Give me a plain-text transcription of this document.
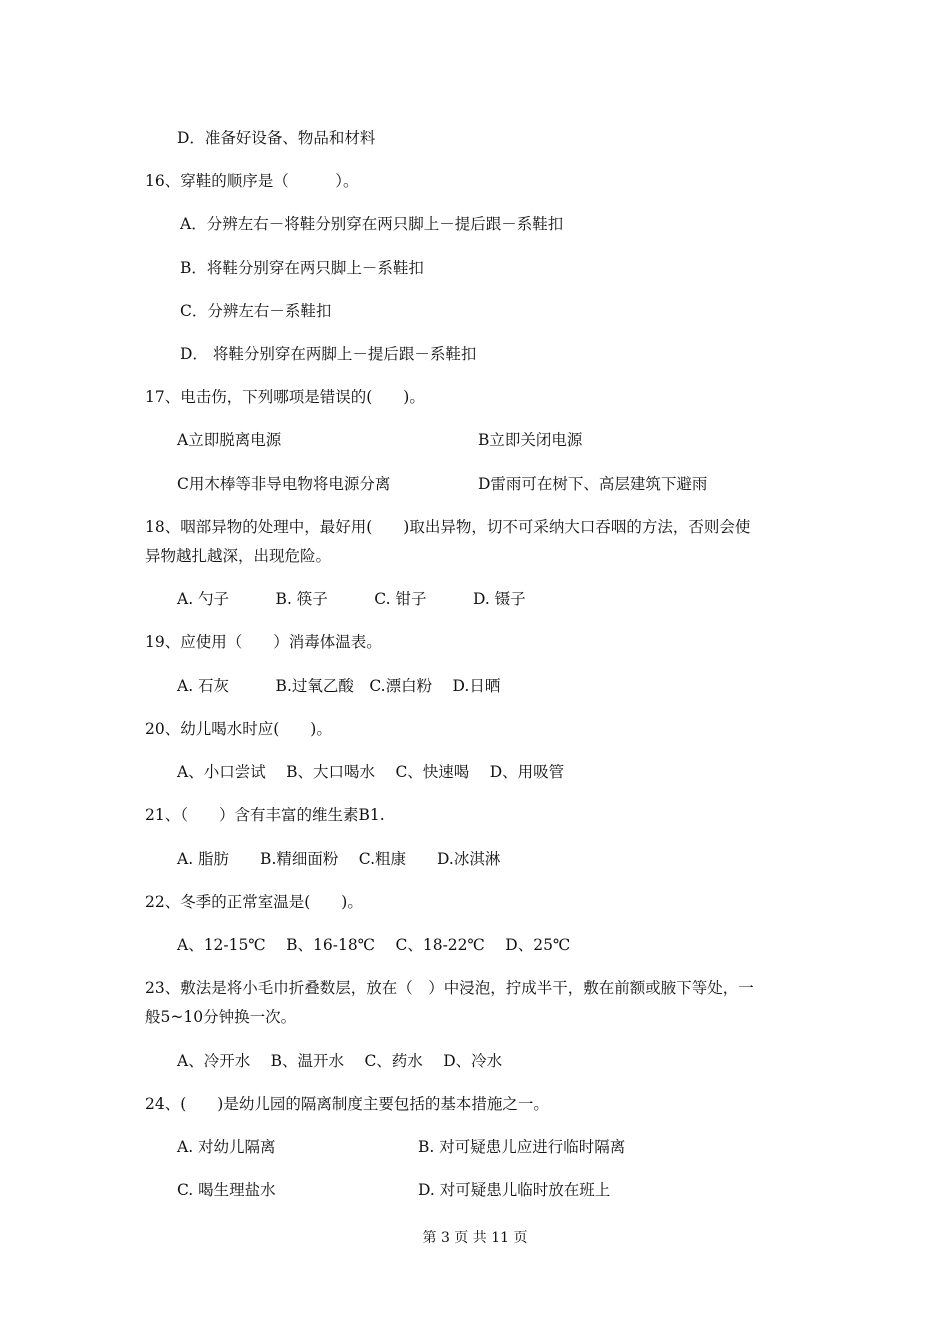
D．准备好设备、物品和材料
16、穿鞋的顺序是（　　　）。
A．分辨左右－将鞋分别穿在两只脚上－提后跟－系鞋扣
B．将鞋分别穿在两只脚上－系鞋扣
C．分辨左右－系鞋扣
D． 将鞋分别穿在两脚上－提后跟－系鞋扣
17、电击伤，下列哪项是错误的(　　)。
A立即脱离电源	B立即关闭电源
C用木棒等非导电物将电源分离	D雷雨可在树下、高层建筑下避雨
18、咽部异物的处理中，最好用(　　)取出异物，切不可采纳大口吞咽的方法，否则会使
异物越扎越深，出现危险。
A. 勺子　　　B. 筷子　　　C. 钳子　　　D. 镊子
19、应使用（　　）消毒体温表。
A. 石灰　　　B.过氧乙酸　C.漂白粉　 D.日晒
20、幼儿喝水时应(　　)。
A、小口尝试　 B、大口喝水　 C、快速喝　 D、用吸管
21、（　　）含有丰富的维生素B1.
A. 脂肪　　B.精细面粉　 C.粗康　　D.冰淇淋
22、冬季的正常室温是(　　)。
A、12-15℃　 B、16-18℃　 C、18-22℃　 D、25℃
23、敷法是将小毛巾折叠数层，放在（　）中浸泡，拧成半干，敷在前额或腋下等处，一
般5~10分钟换一次。
A、冷开水　 B、温开水　 C、药水　 D、冷水
24、(　　)是幼儿园的隔离制度主要包括的基本措施之一。
A. 对幼儿隔离	B. 对可疑患儿应进行临时隔离
C. 喝生理盐水	D. 对可疑患儿临时放在班上
第 3 页 共 11 页
